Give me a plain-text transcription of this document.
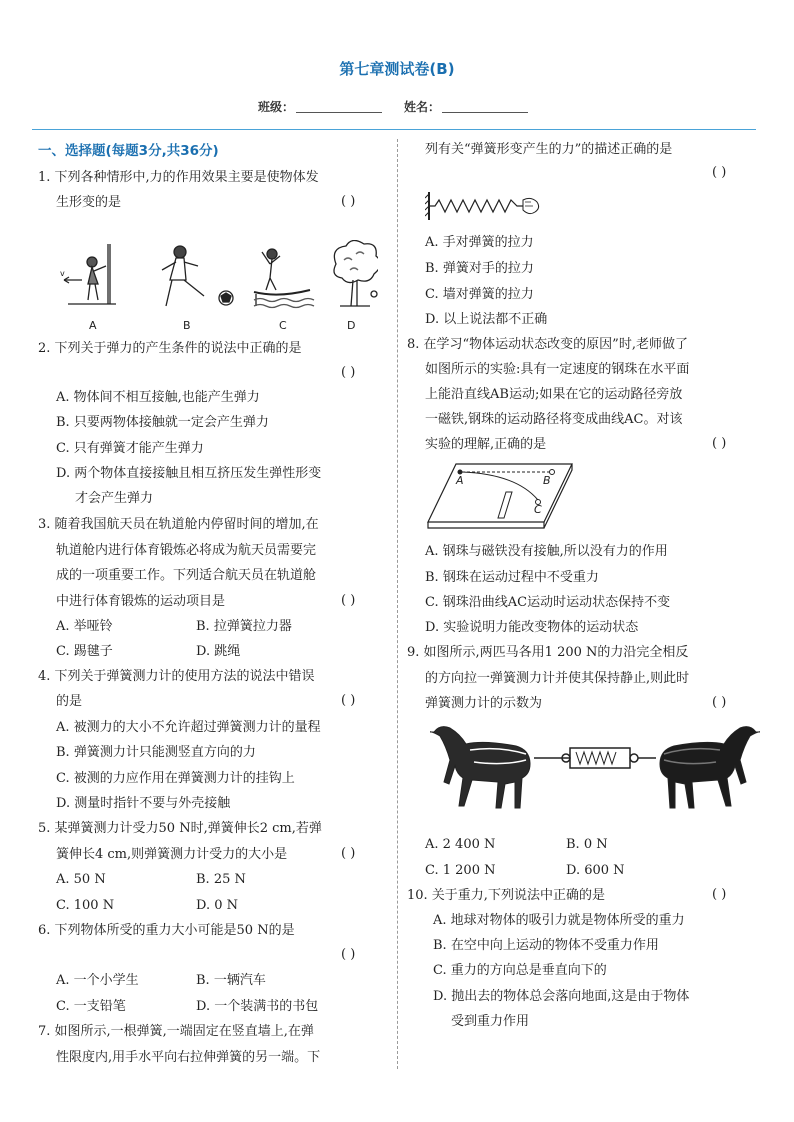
第七章测试卷(B)
班级：	姓名：
一、选择题(每题3分,共36分)
1. 下列各种情形中,力的作用效果主要是使物体发
生形变的是	( )
v
A	B	C	D
2. 下列关于弹力的产生条件的说法中正确的是
( )
A. 物体间不相互接触,也能产生弹力
B. 只要两物体接触就一定会产生弹力
C. 只有弹簧才能产生弹力
D. 两个物体直接接触且相互挤压发生弹性形变
才会产生弹力
3. 随着我国航天员在轨道舱内停留时间的增加,在
轨道舱内进行体育锻炼必将成为航天员需要完
成的一项重要工作。下列适合航天员在轨道舱
中进行体育锻炼的运动项目是	( )
A. 举哑铃	B. 拉弹簧拉力器
C. 踢毽子	D. 跳绳
4. 下列关于弹簧测力计的使用方法的说法中错误
的是	( )
A. 被测力的大小不允许超过弹簧测力计的量程
B. 弹簧测力计只能测竖直方向的力
C. 被测的力应作用在弹簧测力计的挂钩上
D. 测量时指针不要与外壳接触
5. 某弹簧测力计受力50 N时,弹簧伸长2 cm,若弹
簧伸长4 cm,则弹簧测力计受力的大小是	( )
A. 50 N	B. 25 N
C. 100 N	D. 0 N
6. 下列物体所受的重力大小可能是50 N的是
( )
A. 一个小学生	B. 一辆汽车
C. 一支铅笔	D. 一个装满书的书包
7. 如图所示,一根弹簧,一端固定在竖直墙上,在弹
性限度内,用手水平向右拉伸弹簧的另一端。下
列有关“弹簧形变产生的力”的描述正确的是
( )
A. 手对弹簧的拉力
B. 弹簧对手的拉力
C. 墙对弹簧的拉力
D. 以上说法都不正确
8. 在学习“物体运动状态改变的原因”时,老师做了
如图所示的实验:具有一定速度的钢珠在水平面
上能沿直线AB运动;如果在它的运动路径旁放
一磁铁,钢珠的运动路径将变成曲线AC。对该
实验的理解,正确的是	( )
A	B
C
A. 钢珠与磁铁没有接触,所以没有力的作用
B. 钢珠在运动过程中不受重力
C. 钢珠沿曲线AC运动时运动状态保持不变
D. 实验说明力能改变物体的运动状态
9. 如图所示,两匹马各用1 200 N的力沿完全相反
的方向拉一弹簧测力计并使其保持静止,则此时
弹簧测力计的示数为	( )
A. 2 400 N	B. 0 N
C. 1 200 N	D. 600 N
10. 关于重力,下列说法中正确的是	( )
A. 地球对物体的吸引力就是物体所受的重力
B. 在空中向上运动的物体不受重力作用
C. 重力的方向总是垂直向下的
D. 抛出去的物体总会落向地面,这是由于物体
受到重力作用
